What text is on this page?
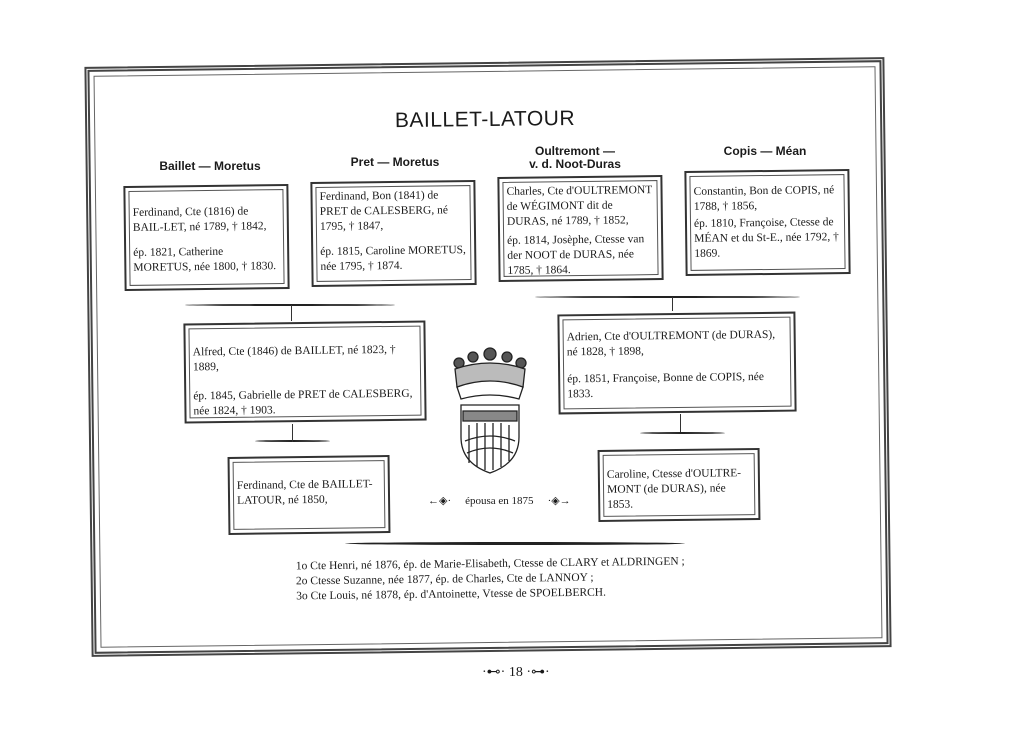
BAILLET-LATOUR
Baillet — Moretus	Pret — Moretus
Oultremont —
v. d. Noot-Duras
Copis — Méan

Ferdinand, Cte (1816) de BAIL-LET, né 1789, † 1842,

ép. 1821, Catherine MORETUS, née 1800, † 1830.

Ferdinand, Bon (1841) de PRET de CALESBERG, né 1795, † 1847,

ép. 1815, Caroline MORETUS, née 1795, † 1874.

Charles, Cte d'OULTREMONT de WÉGIMONT dit de DURAS, né 1789, † 1852,

ép. 1814, Josèphe, Ctesse van der NOOT de DURAS, née 1785, † 1864.

Constantin, Bon de COPIS, né 1788, † 1856,

ép. 1810, Françoise, Ctesse de MÉAN et du St-E., née 1792, † 1869.

Alfred, Cte (1846) de BAILLET, né 1823, † 1889,

ép. 1845, Gabrielle de PRET de CALESBERG, née 1824, † 1903.

Adrien, Cte d'OULTREMONT (de DURAS), né 1828, † 1898,

ép. 1851, Françoise, Bonne de COPIS, née 1833.

Ferdinand, Cte de BAILLET-LATOUR, né 1850,

Caroline, Ctesse d'OULTRE-MONT (de DURAS), née 1853.

←◈· épousa en 1875 ·◈→
1o Cte Henri, né 1876, ép. de Marie-Elisabeth, Ctesse de CLARY et ALDRINGEN ;
2o Ctesse Suzanne, née 1877, ép. de Charles, Cte de LANNOY ;
3o Cte Louis, né 1878, ép. d'Antoinette, Vtesse de SPOELBERCH.
·⊷· 18 ·⊶·
